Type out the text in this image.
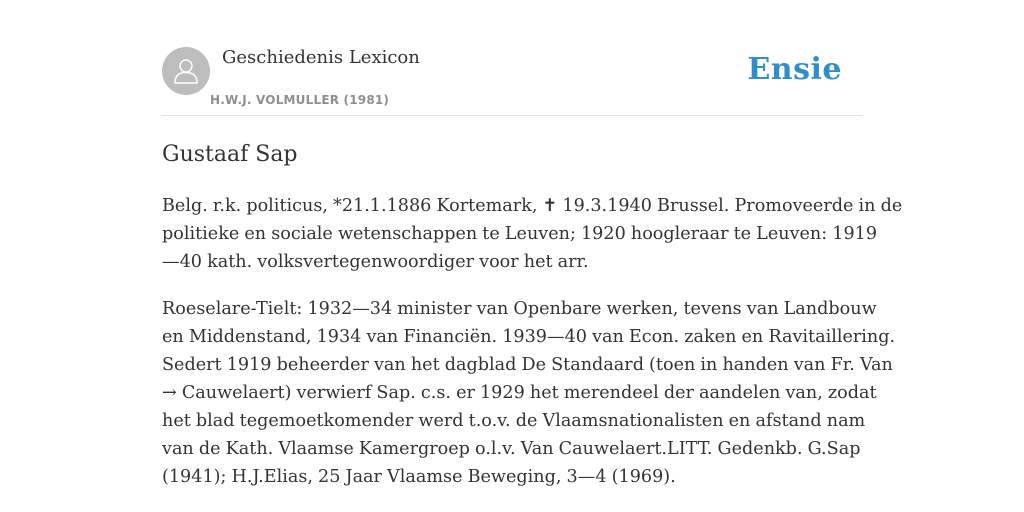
Geschiedenis Lexicon
H.W.J. VOLMULLER (1981)
Ensie
Gustaaf Sap

Belg. r.k. politicus, *21.1.1886 Kortemark, ✝ 19.3.1940 Brussel. Promoveerde in de
politieke en sociale wetenschappen te Leuven; 1920 hoogleraar te Leuven: 1919
—40 kath. volksvertegenwoordiger voor het arr.

Roeselare-Tielt: 1932—34 minister van Openbare werken, tevens van Landbouw
en Middenstand, 1934 van Financiën. 1939—40 van Econ. zaken en Ravitaillering.
Sedert 1919 beheerder van het dagblad De Standaard (toen in handen van Fr. Van
→ Cauwelaert) verwierf Sap. c.s. er 1929 het merendeel der aandelen van, zodat
het blad tegemoetkomender werd t.o.v. de Vlaamsnationalisten en afstand nam
van de Kath. Vlaamse Kamergroep o.l.v. Van Cauwelaert.LITT. Gedenkb. G.Sap
(1941); H.J.Elias, 25 Jaar Vlaamse Beweging, 3—4 (1969).
